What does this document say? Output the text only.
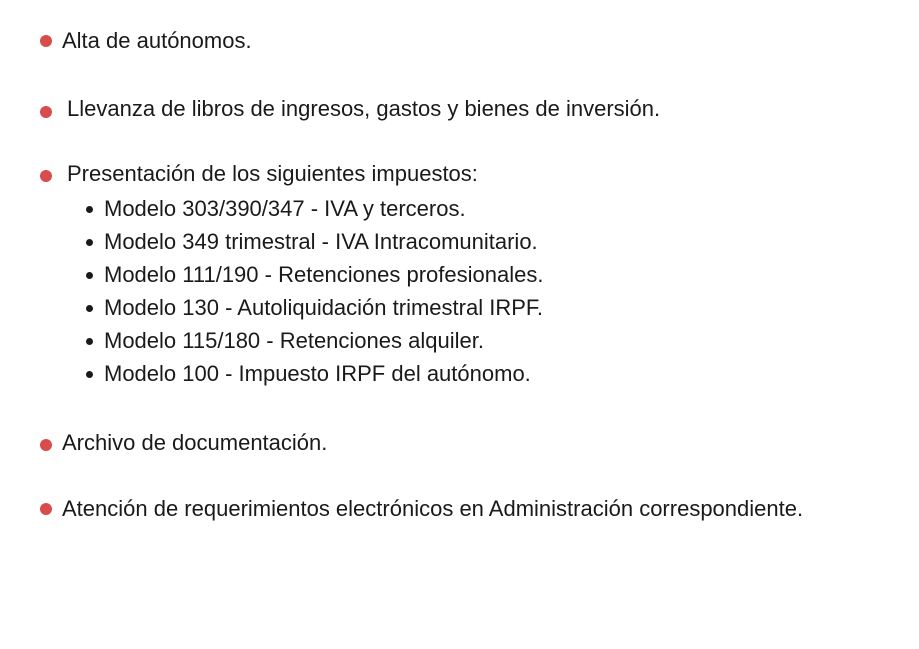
Alta de autónomos.
Llevanza de libros de ingresos, gastos y bienes de inversión.
Presentación de los siguientes impuestos:
Modelo 303/390/347 - IVA y terceros.
Modelo 349 trimestral - IVA Intracomunitario.
Modelo 111/190 - Retenciones profesionales.
Modelo 130 - Autoliquidación trimestral IRPF.
Modelo 115/180 - Retenciones alquiler.
Modelo 100 - Impuesto IRPF del autónomo.
Archivo de documentación.
Atención de requerimientos electrónicos en Administración correspondiente.
